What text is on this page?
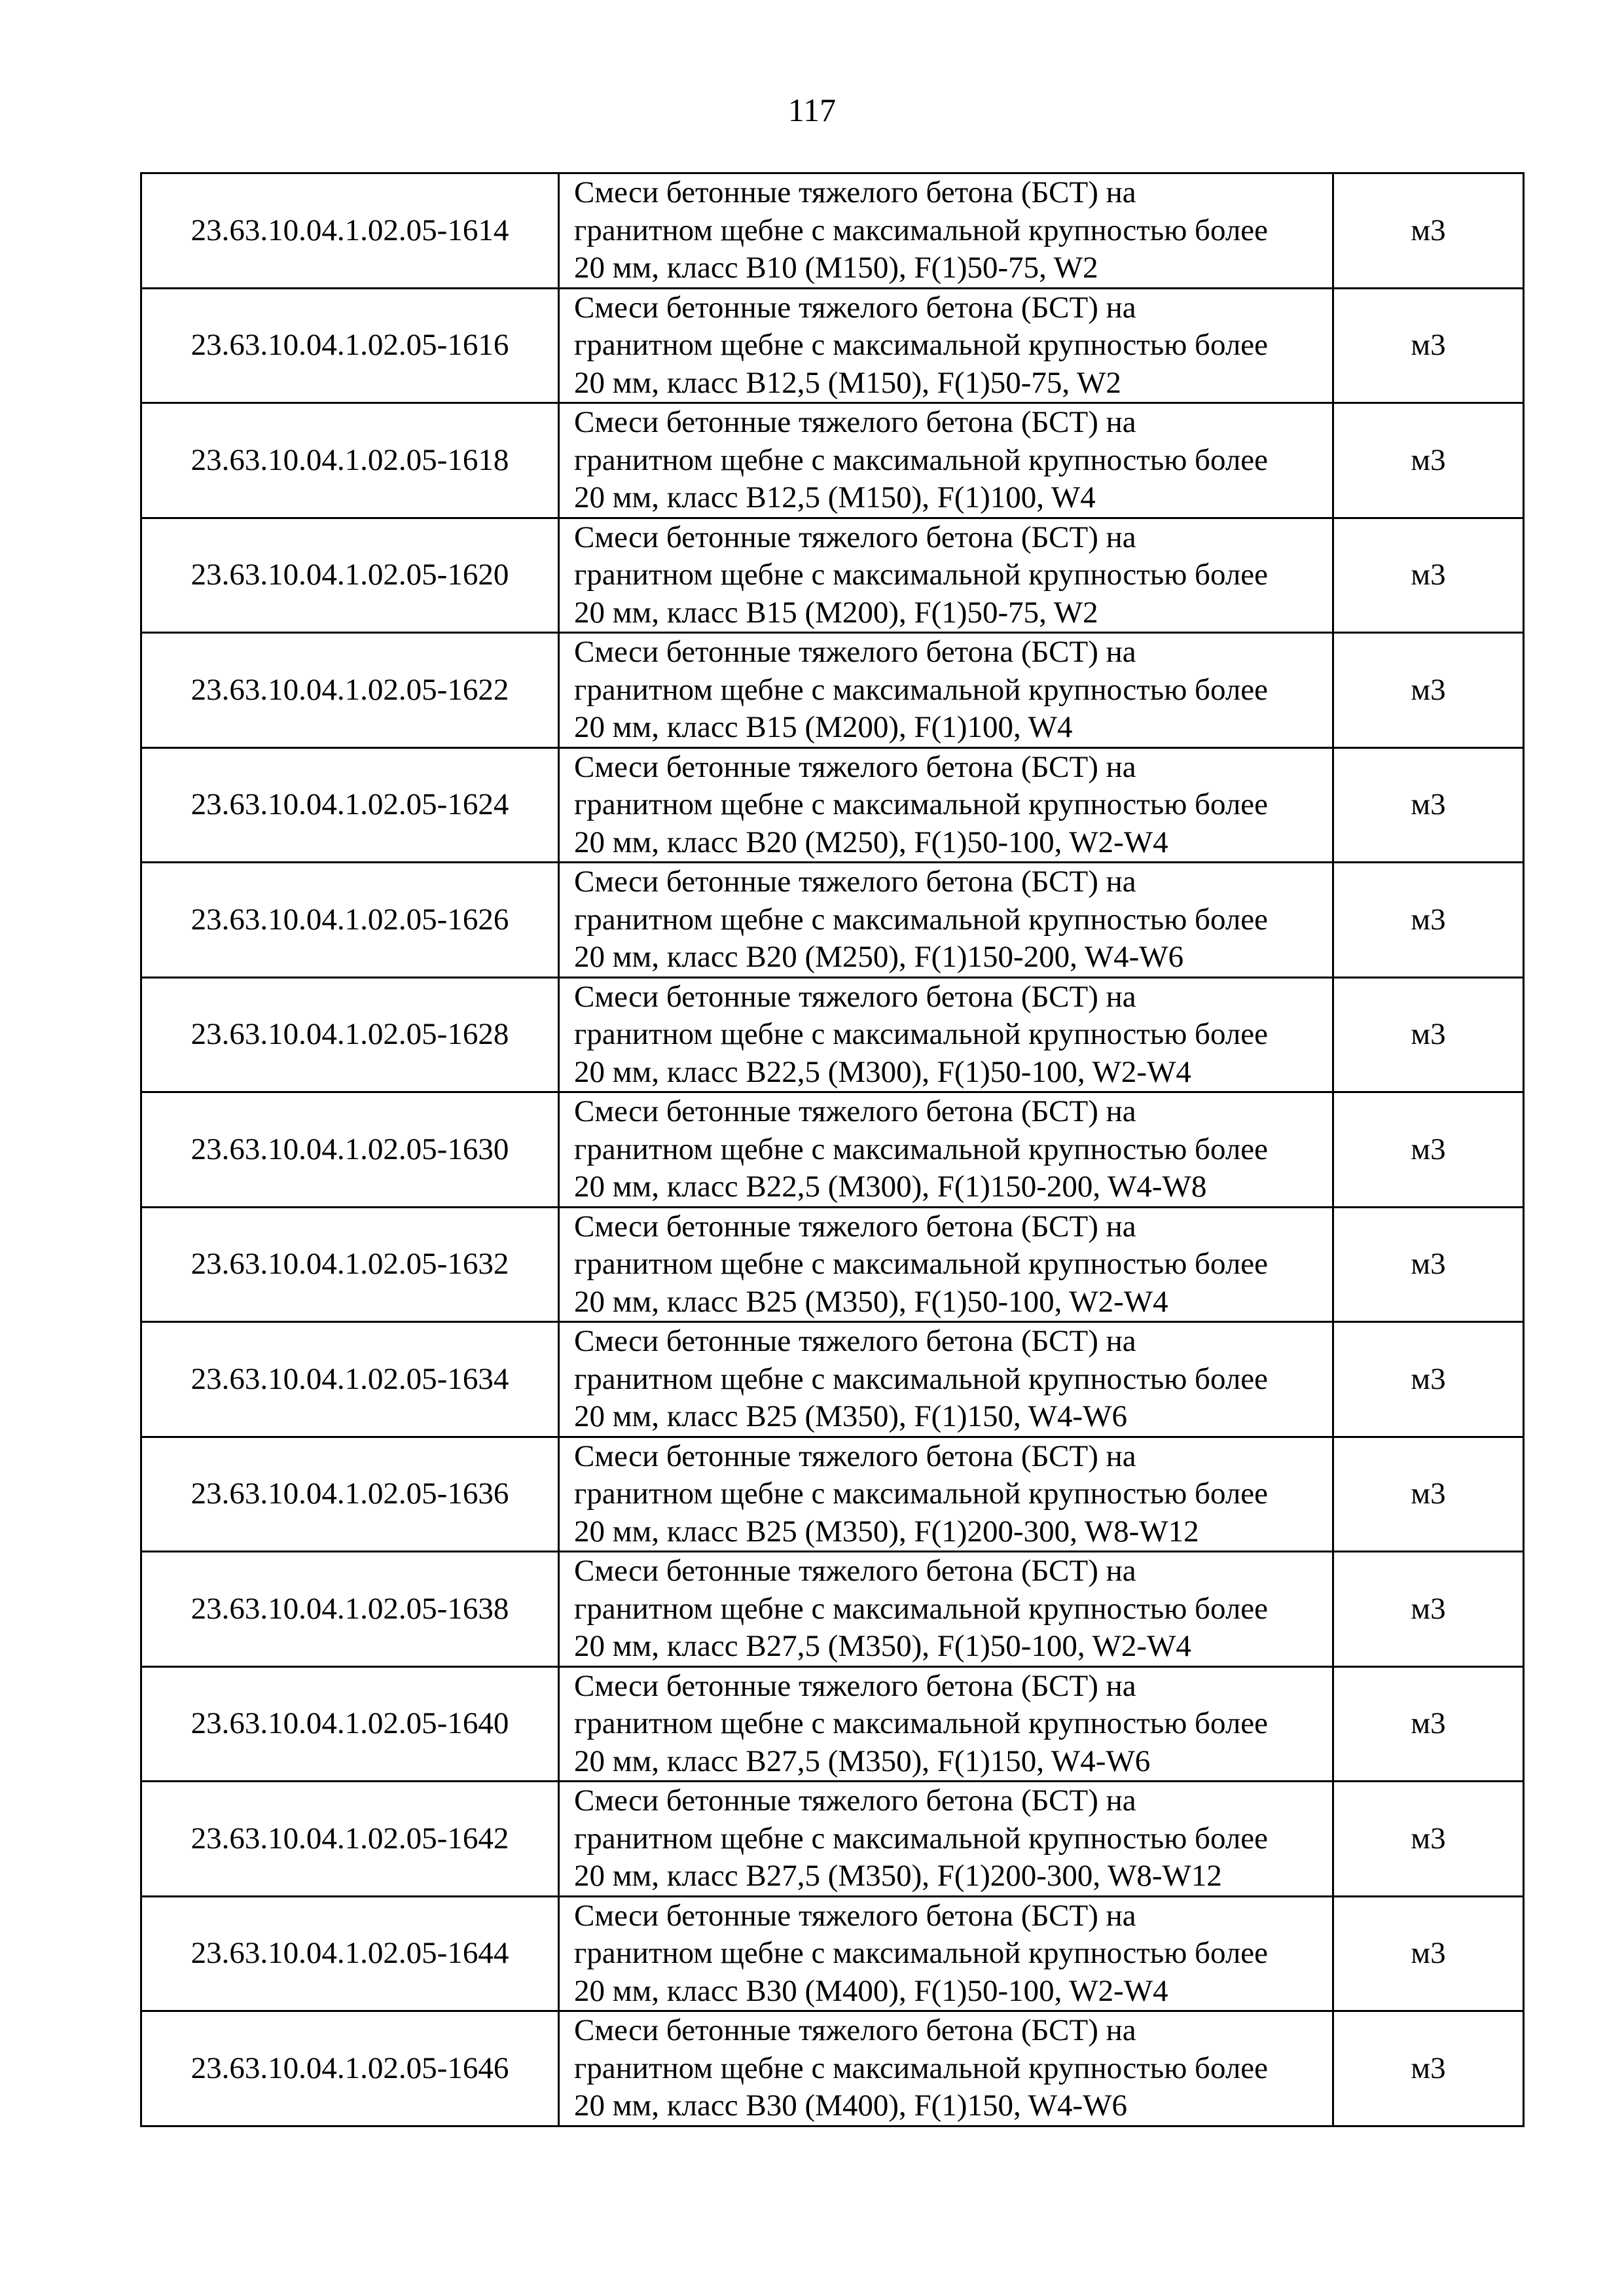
117
23.63.10.04.1.02.05-1614	Смеси бетонные тяжелого бетона (БСТ) на
гранитном щебне с максимальной крупностью более
20 мм, класс В10 (М150), F(1)50-75, W2	м3
23.63.10.04.1.02.05-1616	Смеси бетонные тяжелого бетона (БСТ) на
гранитном щебне с максимальной крупностью более
20 мм, класс В12,5 (М150), F(1)50-75, W2	м3
23.63.10.04.1.02.05-1618	Смеси бетонные тяжелого бетона (БСТ) на
гранитном щебне с максимальной крупностью более
20 мм, класс В12,5 (М150), F(1)100, W4	м3
23.63.10.04.1.02.05-1620	Смеси бетонные тяжелого бетона (БСТ) на
гранитном щебне с максимальной крупностью более
20 мм, класс В15 (М200), F(1)50-75, W2	м3
23.63.10.04.1.02.05-1622	Смеси бетонные тяжелого бетона (БСТ) на
гранитном щебне с максимальной крупностью более
20 мм, класс В15 (М200), F(1)100, W4	м3
23.63.10.04.1.02.05-1624	Смеси бетонные тяжелого бетона (БСТ) на
гранитном щебне с максимальной крупностью более
20 мм, класс В20 (М250), F(1)50-100, W2-W4	м3
23.63.10.04.1.02.05-1626	Смеси бетонные тяжелого бетона (БСТ) на
гранитном щебне с максимальной крупностью более
20 мм, класс В20 (М250), F(1)150-200, W4-W6	м3
23.63.10.04.1.02.05-1628	Смеси бетонные тяжелого бетона (БСТ) на
гранитном щебне с максимальной крупностью более
20 мм, класс В22,5 (М300), F(1)50-100, W2-W4	м3
23.63.10.04.1.02.05-1630	Смеси бетонные тяжелого бетона (БСТ) на
гранитном щебне с максимальной крупностью более
20 мм, класс В22,5 (М300), F(1)150-200, W4-W8	м3
23.63.10.04.1.02.05-1632	Смеси бетонные тяжелого бетона (БСТ) на
гранитном щебне с максимальной крупностью более
20 мм, класс В25 (М350), F(1)50-100, W2-W4	м3
23.63.10.04.1.02.05-1634	Смеси бетонные тяжелого бетона (БСТ) на
гранитном щебне с максимальной крупностью более
20 мм, класс В25 (М350), F(1)150, W4-W6	м3
23.63.10.04.1.02.05-1636	Смеси бетонные тяжелого бетона (БСТ) на
гранитном щебне с максимальной крупностью более
20 мм, класс В25 (М350), F(1)200-300, W8-W12	м3
23.63.10.04.1.02.05-1638	Смеси бетонные тяжелого бетона (БСТ) на
гранитном щебне с максимальной крупностью более
20 мм, класс В27,5 (М350), F(1)50-100, W2-W4	м3
23.63.10.04.1.02.05-1640	Смеси бетонные тяжелого бетона (БСТ) на
гранитном щебне с максимальной крупностью более
20 мм, класс В27,5 (М350), F(1)150, W4-W6	м3
23.63.10.04.1.02.05-1642	Смеси бетонные тяжелого бетона (БСТ) на
гранитном щебне с максимальной крупностью более
20 мм, класс В27,5 (М350), F(1)200-300, W8-W12	м3
23.63.10.04.1.02.05-1644	Смеси бетонные тяжелого бетона (БСТ) на
гранитном щебне с максимальной крупностью более
20 мм, класс В30 (М400), F(1)50-100, W2-W4	м3
23.63.10.04.1.02.05-1646	Смеси бетонные тяжелого бетона (БСТ) на
гранитном щебне с максимальной крупностью более
20 мм, класс В30 (М400), F(1)150, W4-W6	м3
